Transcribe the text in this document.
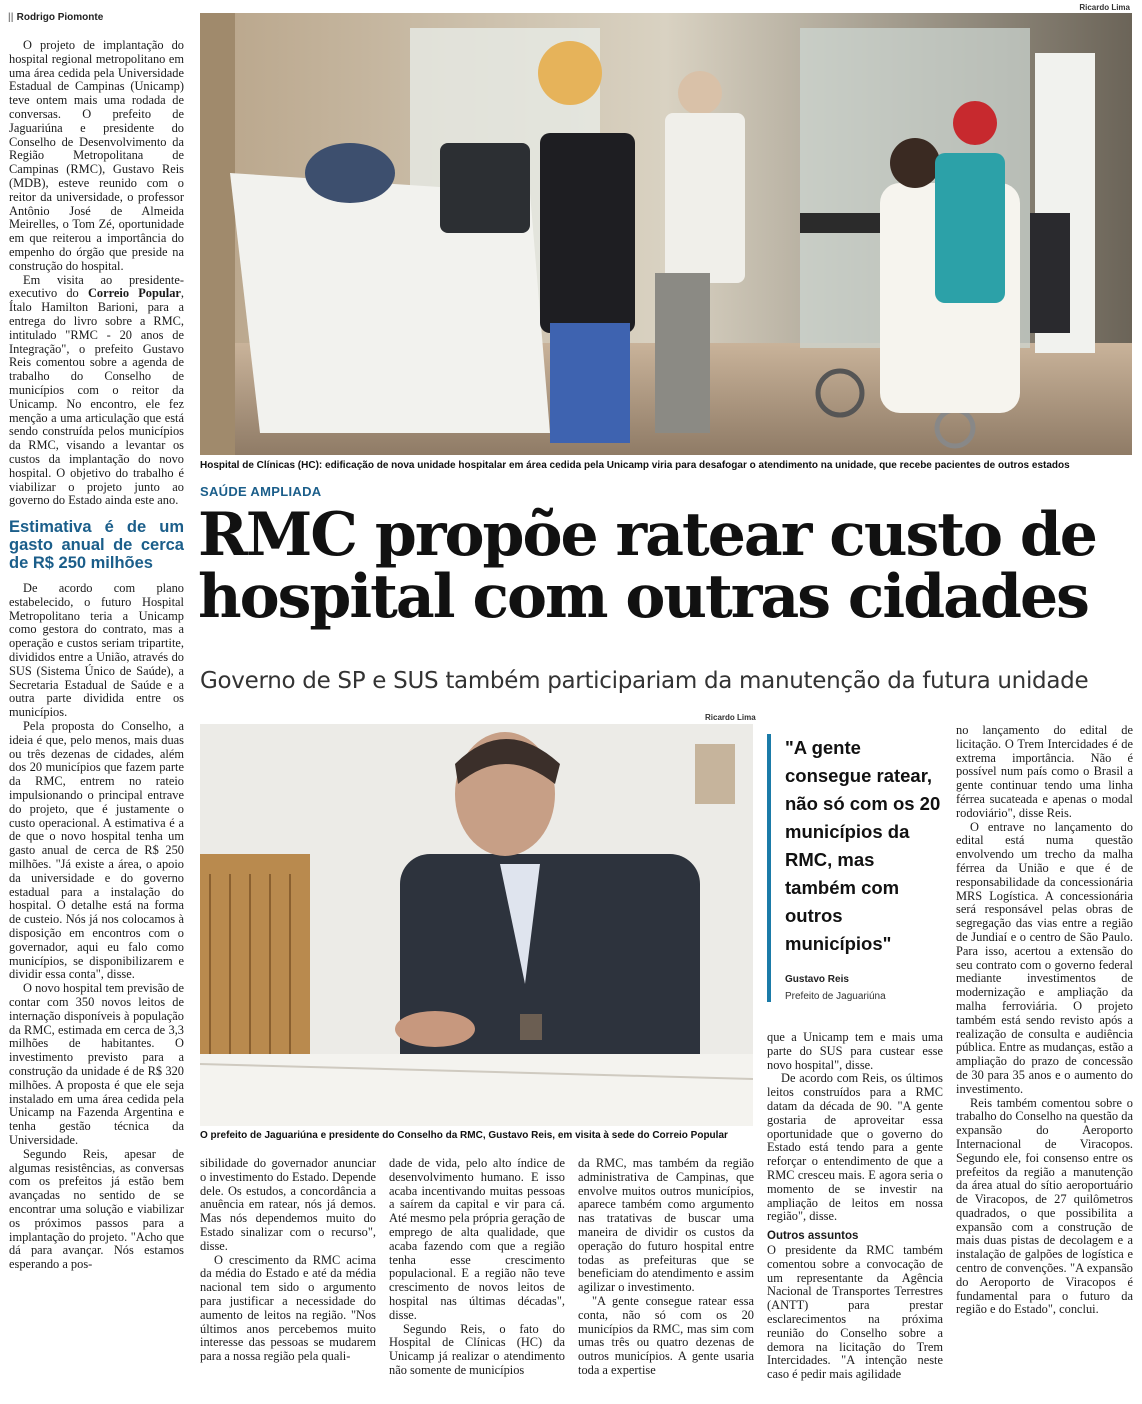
|| Rodrigo Piomonte
Ricardo Lima
Hospital de Clínicas (HC): edificação de nova unidade hospitalar em área cedida pela Unicamp viria para desafogar o atendimento na unidade, que recebe pacientes de outros estados

O projeto de implantação do hospital regional metropolitano em uma área cedida pela Universidade Estadual de Campinas (Unicamp) teve ontem mais uma rodada de conversas. O prefeito de Jaguariúna e presidente do Conselho de Desenvolvimento da Região Metropolitana de Campinas (RMC), Gustavo Reis (MDB), esteve reunido com o reitor da universidade, o professor Antônio José de Almeida Meirelles, o Tom Zé, oportunidade em que reiterou a importância do empenho do órgão que preside na construção do hospital.

Em visita ao presidente-executivo do Correio Popular, Ítalo Hamilton Barioni, para a entrega do livro sobre a RMC, intitulado "RMC - 20 anos de Integração", o prefeito Gustavo Reis comentou sobre a agenda de trabalho do Conselho de municípios com o reitor da Unicamp. No encontro, ele fez menção a uma articulação que está sendo construída pelos municípios da RMC, visando a levantar os custos da implantação do novo hospital. O objetivo do trabalho é viabilizar o projeto junto ao governo do Estado ainda este ano.

Estimativa é de um gasto anual de cerca de R$ 250 milhões

De acordo com plano estabelecido, o futuro Hospital Metropolitano teria a Unicamp como gestora do contrato, mas a operação e custos seriam tripartite, divididos entre a União, através do SUS (Sistema Único de Saúde), a Secretaria Estadual de Saúde e a outra parte dividida entre os municípios.

Pela proposta do Conselho, a ideia é que, pelo menos, mais duas ou três dezenas de cidades, além dos 20 municípios que fazem parte da RMC, entrem no rateio impulsionando o principal entrave do projeto, que é justamente o custo operacional. A estimativa é a de que o novo hospital tenha um gasto anual de cerca de R$ 250 milhões. "Já existe a área, o apoio da universidade e do governo estadual para a instalação do hospital. O detalhe está na forma de custeio. Nós já nos colocamos à disposição em encontros com o governador, aqui eu falo como municípios, se disponibilizarem e dividir essa conta", disse.

O novo hospital tem previsão de contar com 350 novos leitos de internação disponíveis à população da RMC, estimada em cerca de 3,3 milhões de habitantes. O investimento previsto para a construção da unidade é de R$ 320 milhões. A proposta é que ele seja instalado em uma área cedida pela Unicamp na Fazenda Argentina e tenha gestão técnica da Universidade.

Segundo Reis, apesar de algumas resistências, as conversas com os prefeitos já estão bem avançadas no sentido de se encontrar uma solução e viabilizar os próximos passos para a implantação do projeto. "Acho que dá para avançar. Nós estamos esperando a pos-

SAÚDE AMPLIADA
RMC propõe ratear custo de
hospital com outras cidades
Governo de SP e SUS também participariam da manutenção da futura unidade
Ricardo Lima
O prefeito de Jaguariúna e presidente do Conselho da RMC, Gustavo Reis, em visita à sede do Correio Popular
"A gente consegue ratear, não só com os 20 municípios da RMC, mas também com outros municípios"
Gustavo Reis
Prefeito de Jaguariúna

sibilidade do governador anunciar o investimento do Estado. Depende dele. Os estudos, a concordância a anuência em ratear, nós já demos. Mas nós dependemos muito do Estado sinalizar com o recurso", disse.

O crescimento da RMC acima da média do Estado e até da média nacional tem sido o argumento para justificar a necessidade do aumento de leitos na região. "Nos últimos anos percebemos muito interesse das pessoas se mudarem para a nossa região pela quali-

dade de vida, pelo alto índice de desenvolvimento humano. E isso acaba incentivando muitas pessoas a saírem da capital e vir para cá. Até mesmo pela própria geração de emprego de alta qualidade, que acaba fazendo com que a região tenha esse crescimento populacional. E a região não teve crescimento de novos leitos de hospital nas últimas décadas", disse.

Segundo Reis, o fato do Hospital de Clínicas (HC) da Unicamp já realizar o atendimento não somente de municípios

da RMC, mas também da região administrativa de Campinas, que envolve muitos outros municípios, aparece também como argumento nas tratativas de buscar uma maneira de dividir os custos da operação do futuro hospital entre todas as prefeituras que se beneficiam do atendimento e assim agilizar o investimento.

"A gente consegue ratear essa conta, não só com os 20 municípios da RMC, mas sim com umas três ou quatro dezenas de outros municípios. A gente usaria toda a expertise

que a Unicamp tem e mais uma parte do SUS para custear esse novo hospital", disse.

De acordo com Reis, os últimos leitos construídos para a RMC datam da década de 90. "A gente gostaria de aproveitar essa oportunidade que o governo do Estado está tendo para a gente reforçar o entendimento de que a RMC cresceu mais. E agora seria o momento de se investir na ampliação de leitos em nossa região", disse.

Outros assuntos

O presidente da RMC também comentou sobre a convocação de um representante da Agência Nacional de Transportes Terrestres (ANTT) para prestar esclarecimentos na próxima reunião do Conselho sobre a demora na licitação do Trem Intercidades. "A intenção neste caso é pedir mais agilidade

no lançamento do edital de licitação. O Trem Intercidades é de extrema importância. Não é possível num país como o Brasil a gente continuar tendo uma linha férrea sucateada e apenas o modal rodoviário", disse Reis.

O entrave no lançamento do edital está numa questão envolvendo um trecho da malha férrea da União e que é de responsabilidade da concessionária MRS Logística. A concessionária será responsável pelas obras de segregação das vias entre a região de Jundiaí e o centro de São Paulo. Para isso, acertou a extensão do seu contrato com o governo federal mediante investimentos de modernização e ampliação da malha ferroviária. O projeto também está sendo revisto após a realização de consulta e audiência pública. Entre as mudanças, estão a ampliação do prazo de concessão de 30 para 35 anos e o aumento do investimento.

Reis também comentou sobre o trabalho do Conselho na questão da expansão do Aeroporto Internacional de Viracopos. Segundo ele, foi consenso entre os prefeitos da região a manutenção da área atual do sítio aeroportuário de Viracopos, de 27 quilômetros quadrados, o que possibilita a expansão com a construção de mais duas pistas de decolagem e a instalação de galpões de logística e centro de convenções. "A expansão do Aeroporto de Viracopos é fundamental para o futuro da região e do Estado", conclui.
